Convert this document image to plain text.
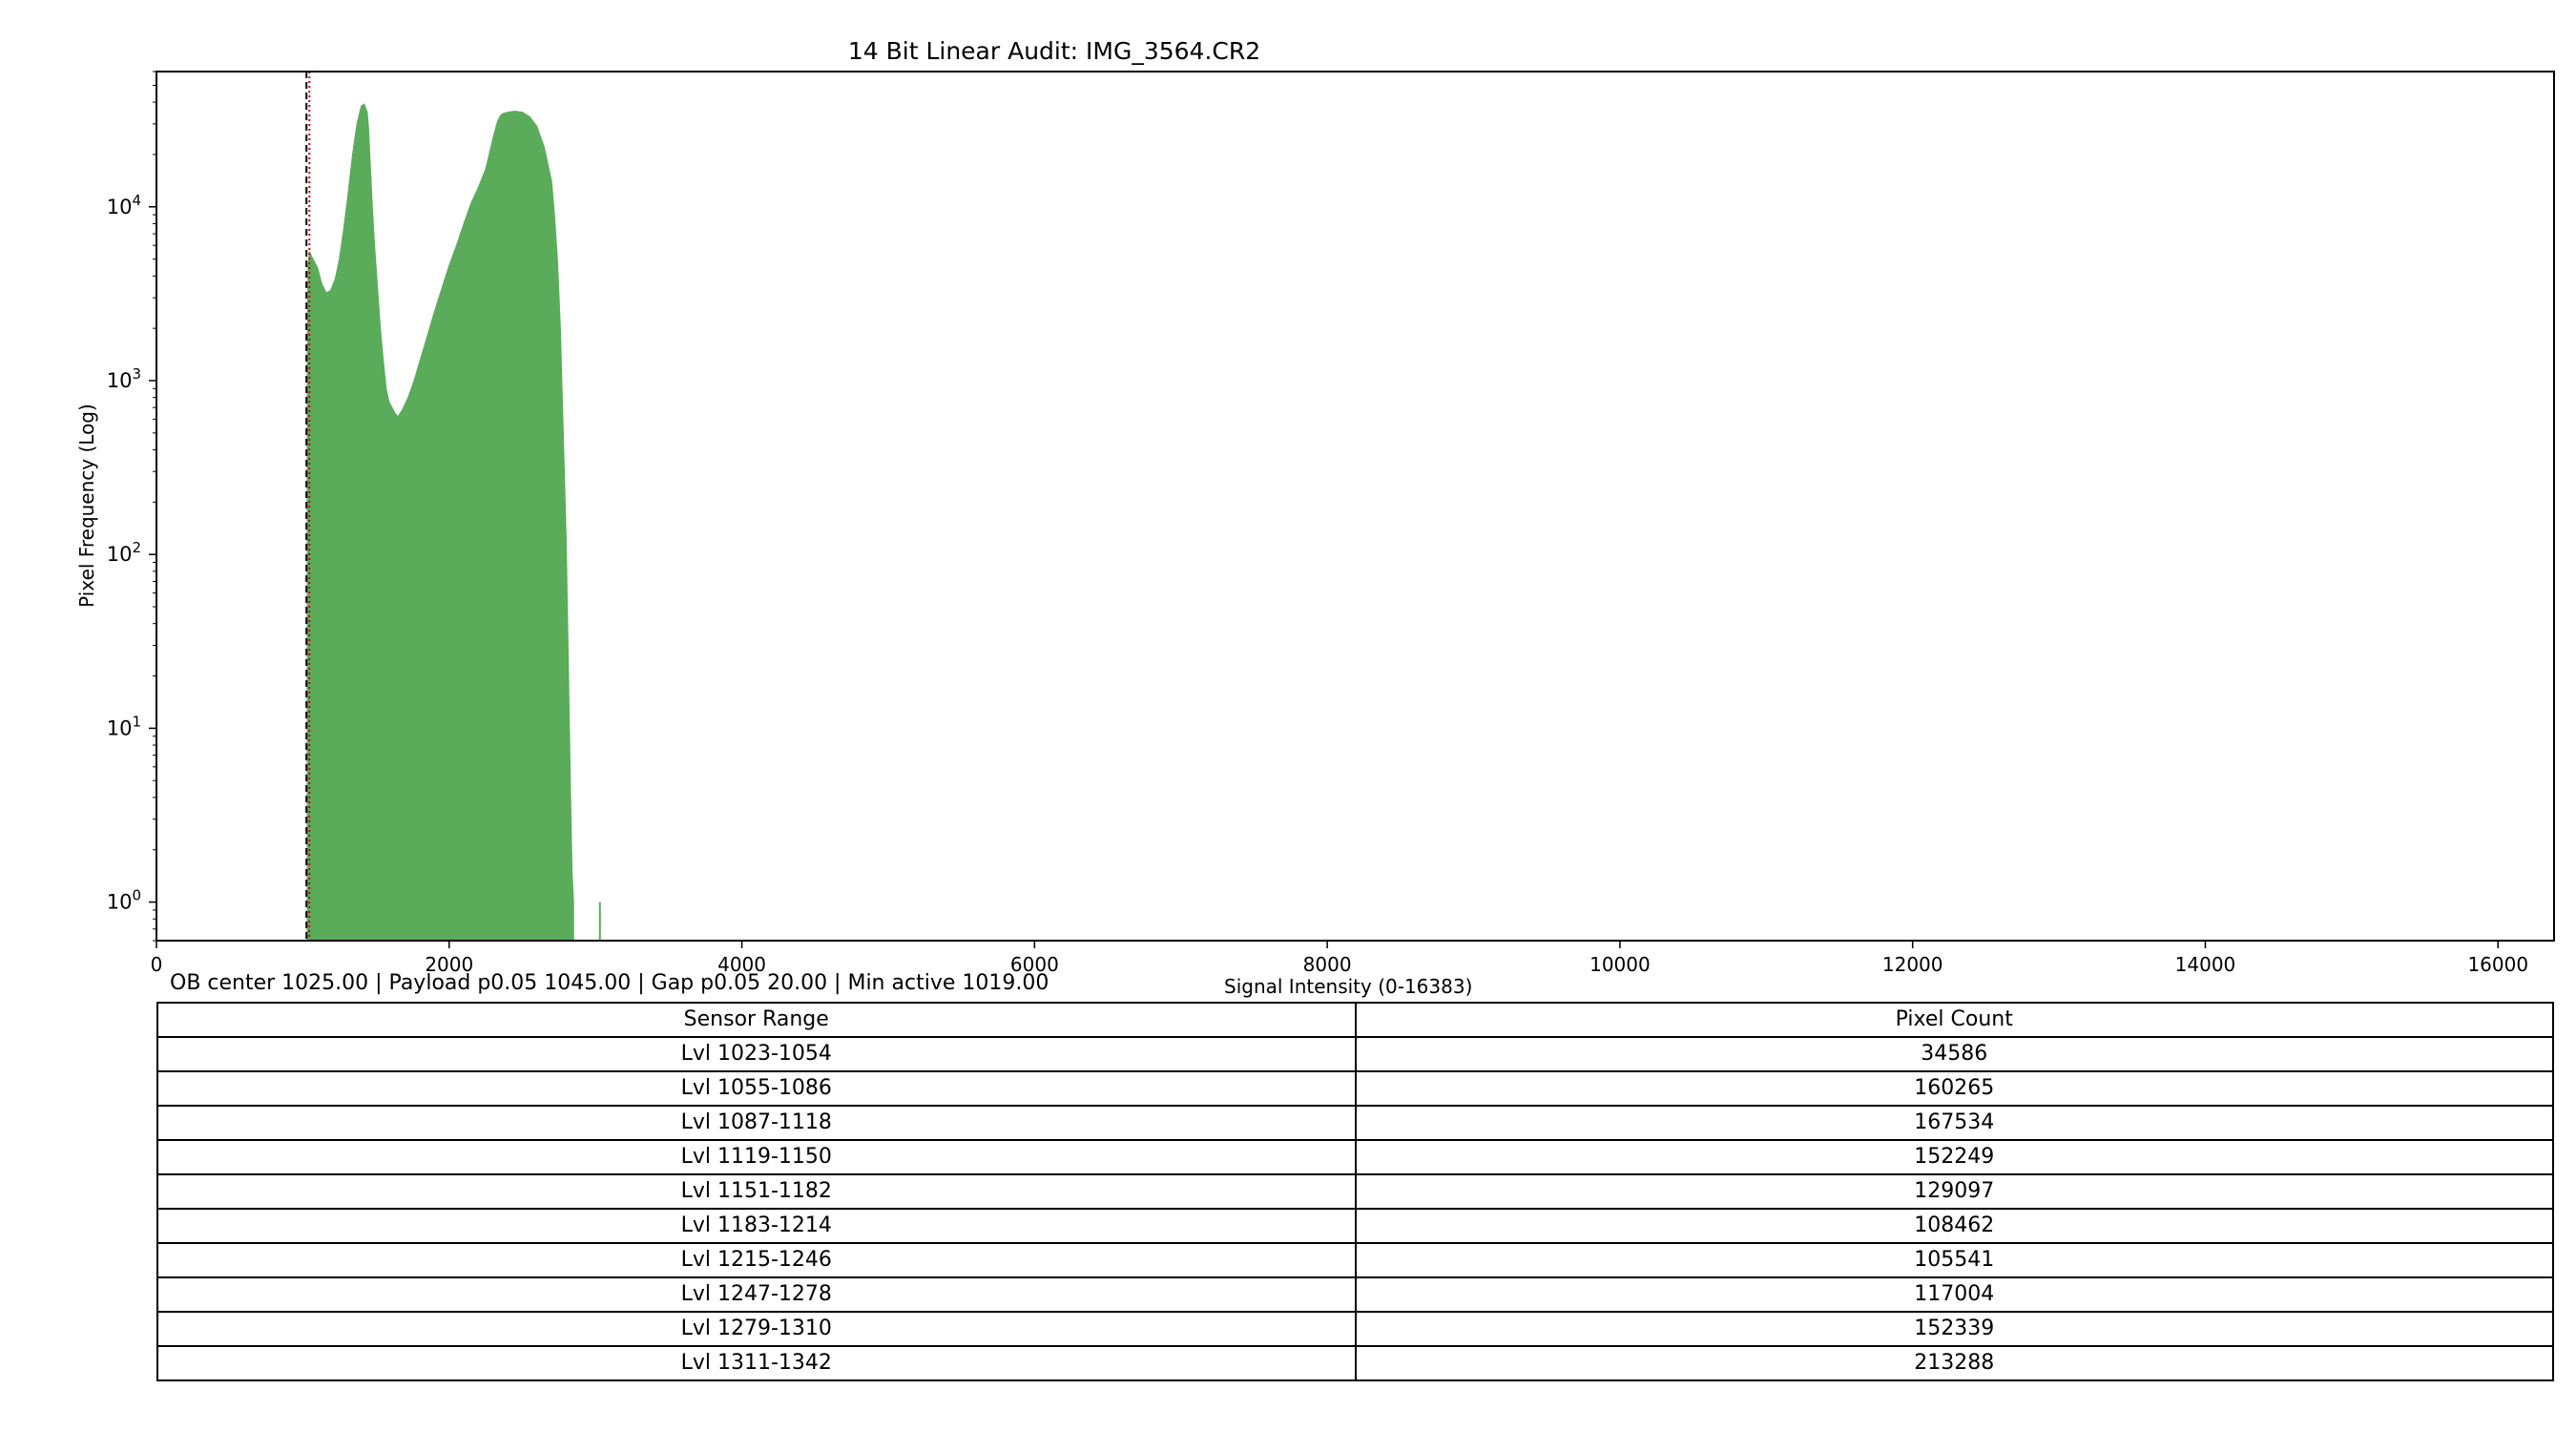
0	2000	4000	6000	8000	10000	12000	14000	16000
$10^0$
$10^1$
$10^2$
$10^3$
$10^4$
14 Bit Linear Audit: IMG_3564.CR2
Pixel Frequency (Log)
OB center 1025.00 | Payload p0.05 1045.00 | Gap p0.05 20.00 | Min active 1019.00	Signal Intensity (0-16383)
Sensor Range	Pixel Count
Lvl 1023-1054	34586
Lvl 1055-1086	160265
Lvl 1087-1118	167534
Lvl 1119-1150	152249
Lvl 1151-1182	129097
Lvl 1183-1214	108462
Lvl 1215-1246	105541
Lvl 1247-1278	117004
Lvl 1279-1310	152339
Lvl 1311-1342	213288
